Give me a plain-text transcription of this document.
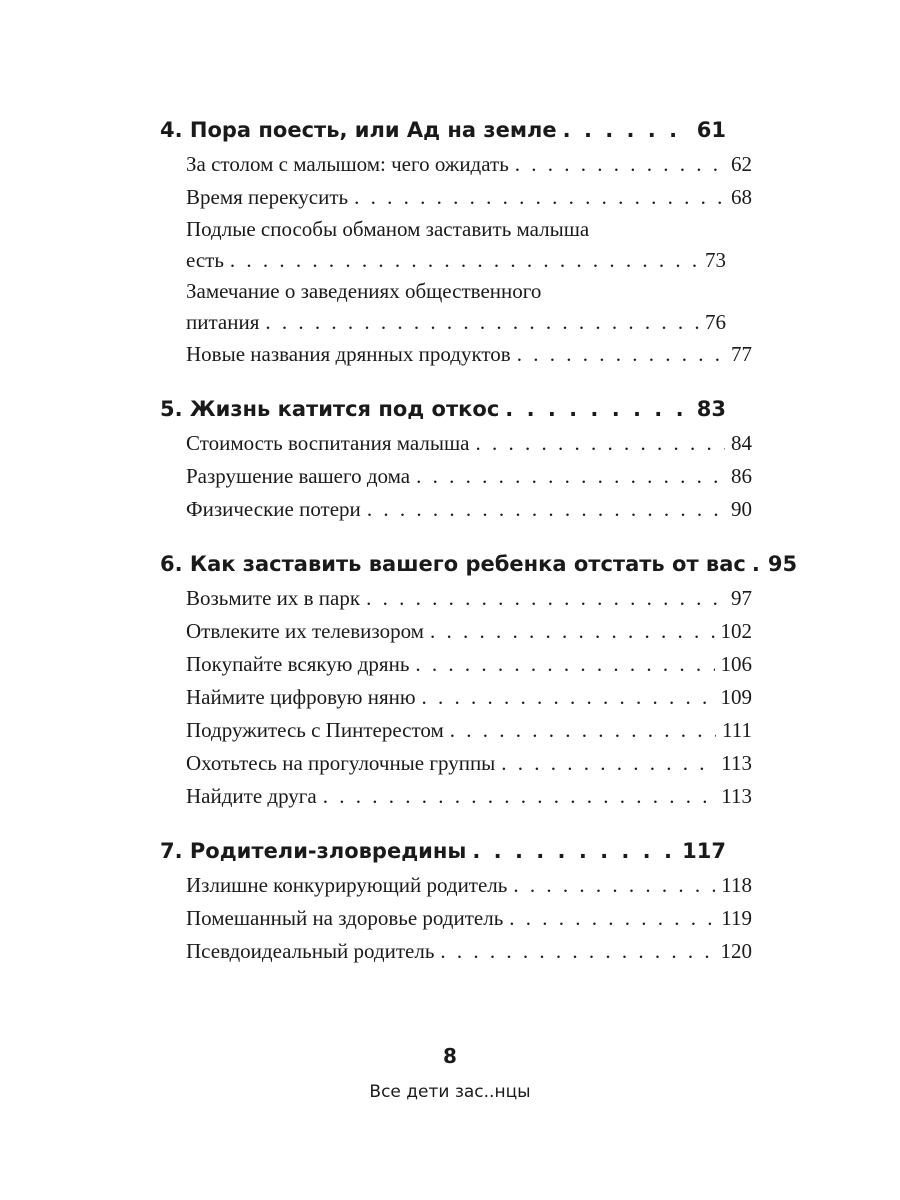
4. Пора поесть, или Ад на земле . . .	61
За столом с малышом: чего ожидать . . .	62
Время перекусить . . .	68
Подлые способы обманом заставить малыша
есть . . .	73
Замечание о заведениях общественного
питания . . .	76
Новые названия дрянных продуктов . . .	77
5. Жизнь катится под откос . . .	83
Стоимость воспитания малыша . . .	84
Разрушение вашего дома . . .	86
Физические потери . . .	90
6. Как заставить вашего ребенка отстать от вас . . . 95
Возьмите их в парк . . .	97
Отвлеките их телевизором . . .	102
Покупайте всякую дрянь . . .	106
Наймите цифровую няню . . .	109
Подружитесь с Пинтерестом . . .	111
Охотьтесь на прогулочные группы . . .	113
Найдите друга . . .	113
7. Родители-зловредины . . .	117
Излишне конкурирующий родитель . . .	118
Помешанный на здоровье родитель . . .	119
Псевдоидеальный родитель . . .	120
8
Все дети зас..нцы
